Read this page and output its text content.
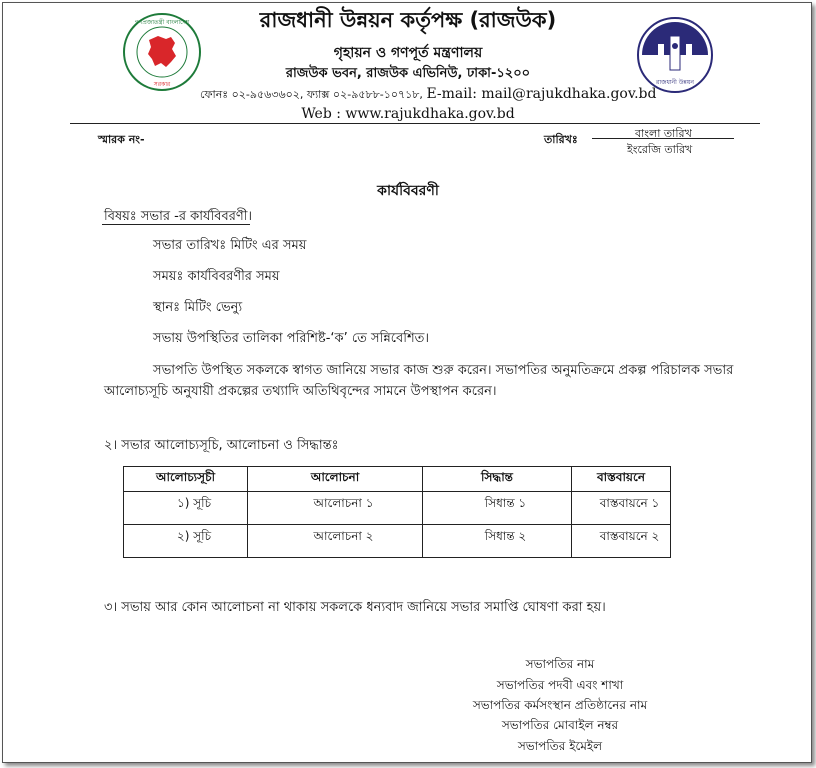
গণপ্রজাতন্ত্রী বাংলাদেশ
সরকার	রাজধানী উন্নয়ন
রাজধানী উন্নয়ন কর্তৃপক্ষ (রাজউক)
গৃহায়ন ও গণপূর্ত মন্ত্রণালয়
রাজউক ভবন, রাজউক এভিনিউ, ঢাকা-১২০০
ফোনঃ ০২-৯৫৬৩৬০২, ফ্যাক্স ০২-৯৫৮৮-১০৭১৮, E-mail: mail@rajukdhaka.gov.bd
Web : www.rajukdhaka.gov.bd
স্মারক নং-	তারিখঃ	বাংলা তারিখ
ইংরেজি তারিখ
কার্যবিবরণী
বিষয়ঃ সভার -র কার্যবিবরণী।
সভার তারিখঃ মিটিং এর সময়
সময়ঃ কার্যবিবরণীর সময়
স্থানঃ মিটিং ভেন্যু
সভায় উপস্থিতির তালিকা পরিশিষ্ট-‘ক’ তে সন্নিবেশিত।
সভাপতি উপস্থিত সকলকে স্বাগত জানিয়ে সভার কাজ শুরু করেন। সভাপতির অনুমতিক্রমে প্রকল্প পরিচালক সভার
আলোচ্যসূচি অনুযায়ী প্রকল্পের তথ্যাদি অতিথিবৃন্দের সামনে উপস্থাপন করেন।
২। সভার আলোচ্যসূচি, আলোচনা ও সিদ্ধান্তঃ
আলোচ্যসূচী	আলোচনা	সিদ্ধান্ত	বাস্তবায়নে
১) সূচি	আলোচনা ১	সিধান্ত ১	বাস্তবায়নে ১
২) সূচি	আলোচনা ২	সিধান্ত ২	বাস্তবায়নে ২
৩। সভায় আর কোন আলোচনা না থাকায় সকলকে ধন্যবাদ জানিয়ে সভার সমাপ্তি ঘোষণা করা হয়।
সভাপতির নাম
সভাপতির পদবী এবং শাখা
সভাপতির কর্মসংস্থান প্রতিষ্ঠানের নাম
সভাপতির মোবাইল নম্বর
সভাপতির ইমেইল
